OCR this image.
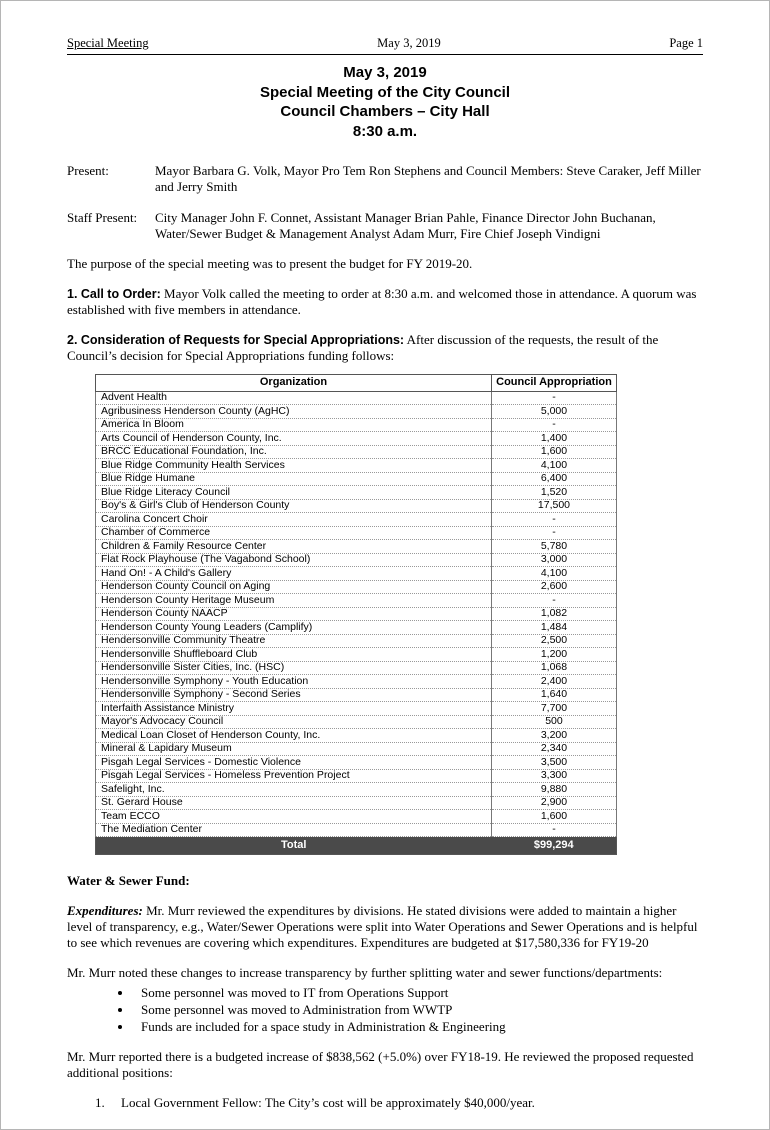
Special Meeting	May 3, 2019	Page 1
May 3, 2019
Special Meeting of the City Council
Council Chambers – City Hall
8:30 a.m.
Present:	Mayor Barbara G. Volk, Mayor Pro Tem Ron Stephens and Council Members: Steve Caraker, Jeff Miller and Jerry Smith
Staff Present:	City Manager John F. Connet, Assistant Manager Brian Pahle, Finance Director John Buchanan, Water/Sewer Budget & Management Analyst Adam Murr, Fire Chief Joseph Vindigni

The purpose of the special meeting was to present the budget for FY 2019-20.

1. Call to Order: Mayor Volk called the meeting to order at 8:30 a.m. and welcomed those in attendance. A quorum was established with five members in attendance.

2. Consideration of Requests for Special Appropriations: After discussion of the requests, the result of the Council’s decision for Special Appropriations funding follows:

Organization	Council Appropriation
Advent Health	-
Agribusiness Henderson County (AgHC)	5,000
America In Bloom	-
Arts Council of Henderson County, Inc.	1,400
BRCC Educational Foundation, Inc.	1,600
Blue Ridge Community Health Services	4,100
Blue Ridge Humane	6,400
Blue Ridge Literacy Council	1,520
Boy's & Girl's Club of Henderson County	17,500
Carolina Concert Choir	-
Chamber of Commerce	-
Children & Family Resource Center	5,780
Flat Rock Playhouse (The Vagabond School)	3,000
Hand On! - A Child's Gallery	4,100
Henderson County Council on Aging	2,600
Henderson County Heritage Museum	-
Henderson County NAACP	1,082
Henderson County Young Leaders (Camplify)	1,484
Hendersonville Community Theatre	2,500
Hendersonville Shuffleboard Club	1,200
Hendersonville Sister Cities, Inc. (HSC)	1,068
Hendersonville Symphony - Youth Education	2,400
Hendersonville Symphony - Second Series	1,640
Interfaith Assistance Ministry	7,700
Mayor's Advocacy Council	500
Medical Loan Closet of Henderson County, Inc.	3,200
Mineral & Lapidary Museum	2,340
Pisgah Legal Services - Domestic Violence	3,500
Pisgah Legal Services - Homeless Prevention Project	3,300
Safelight, Inc.	9,880
St. Gerard House	2,900
Team ECCO	1,600
The Mediation Center	-
Total	$99,294

Water & Sewer Fund:

Expenditures: Mr. Murr reviewed the expenditures by divisions. He stated divisions were added to maintain a higher level of transparency, e.g., Water/Sewer Operations were split into Water Operations and Sewer Operations and is helpful to see which revenues are covering which expenditures. Expenditures are budgeted at $17,580,336 for FY19-20

Mr. Murr noted these changes to increase transparency by further splitting water and sewer functions/departments:

• Some personnel was moved to IT from Operations Support
• Some personnel was moved to Administration from WWTP
• Funds are included for a space study in Administration & Engineering

Mr. Murr reported there is a budgeted increase of $838,562 (+5.0%) over FY18-19. He reviewed the proposed requested additional positions:

1.	Local Government Fellow: The City’s cost will be approximately $40,000/year.
